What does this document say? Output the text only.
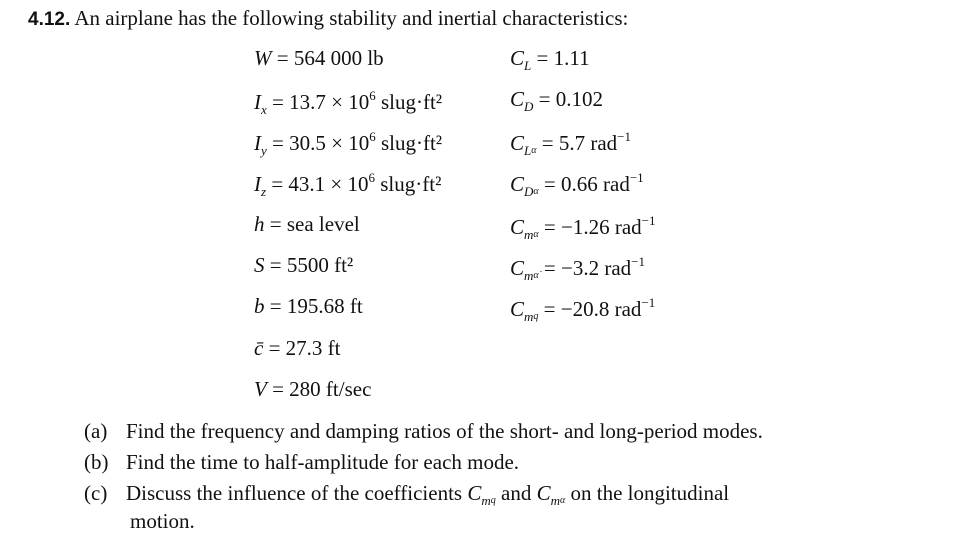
4.12. An airplane has the following stability and inertial characteristics:
W = 564 000 lb
$I_x = 13.7 \times 10^6$ slug·ft²
$I_y = 30.5 \times 10^6$ slug·ft²
$I_z = 43.1 \times 10^6$ slug·ft²
h = sea level
S = 5500 ft²
b = 195.68 ft
c̄ = 27.3 ft
V = 280 ft/sec
$C_L = 1.11$
$C_D = 0.102$
$C_L\alpha = 5.7$ rad$^{-1}$
$C_D\alpha = 0.66$ rad$^{-1}$
$C_m\alpha = -1.26$ rad$^{-1}$
$C_m\alphȧ = -3.2$ rad$^{-1}$
$C_mq = -20.8$ rad$^{-1}$
(a) Find the frequency and damping ratios of the short- and long-period modes.
(b) Find the time to half-amplitude for each mode.
(c) Discuss the influence of the coefficients $C_mq$ and $C_m\alpha$ on the longitudinal
motion.
